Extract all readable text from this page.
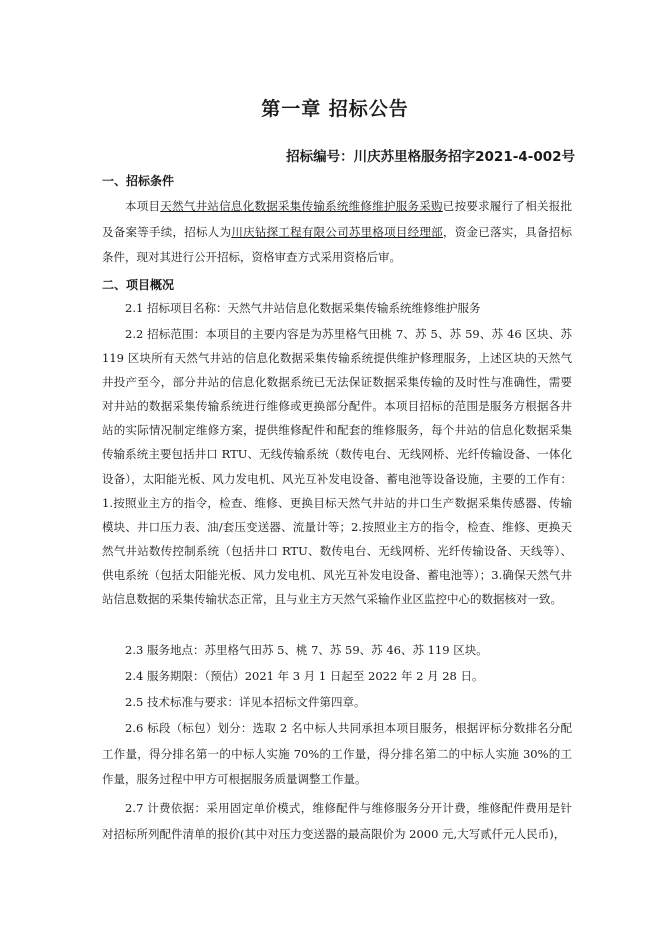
第一章 招标公告
招标编号：川庆苏里格服务招字2021-4-002号
一、招标条件
本项目天然气井站信息化数据采集传输系统维修维护服务采购已按要求履行了相关报批及备案等手续，招标人为川庆钻探工程有限公司苏里格项目经理部，资金已落实，具备招标条件，现对其进行公开招标，资格审查方式采用资格后审。
二、项目概况
2.1 招标项目名称：天然气井站信息化数据采集传输系统维修维护服务
2.2 招标范围：本项目的主要内容是为苏里格气田桃 7、苏 5、苏 59、苏 46 区块、苏 119 区块所有天然气井站的信息化数据采集传输系统提供维护修理服务，上述区块的天然气井投产至今，部分井站的信息化数据系统已无法保证数据采集传输的及时性与准确性，需要对井站的数据采集传输系统进行维修或更换部分配件。本项目招标的范围是服务方根据各井站的实际情况制定维修方案，提供维修配件和配套的维修服务，每个井站的信息化数据采集传输系统主要包括井口 RTU、无线传输系统（数传电台、无线网桥、光纤传输设备、一体化设备），太阳能光板、风力发电机、风光互补发电设备、蓄电池等设备设施，主要的工作有：1.按照业主方的指令，检查、维修、更换目标天然气井站的井口生产数据采集传感器、传输模块、井口压力表、油/套压变送器、流量计等；2.按照业主方的指令，检查、维修、更换天然气井站数传控制系统（包括井口 RTU、数传电台、无线网桥、光纤传输设备、天线等）、供电系统（包括太阳能光板、风力发电机、风光互补发电设备、蓄电池等）；3.确保天然气井站信息数据的采集传输状态正常，且与业主方天然气采输作业区监控中心的数据核对一致。
2.3 服务地点：苏里格气田苏 5、桃 7、苏 59、苏 46、苏 119 区块。
2.4 服务期限：（预估）2021 年 3 月 1 日起至 2022 年 2 月 28 日。
2.5 技术标准与要求：详见本招标文件第四章。
2.6 标段（标包）划分：选取 2 名中标人共同承担本项目服务，根据评标分数排名分配工作量，得分排名第一的中标人实施 70%的工作量，得分排名第二的中标人实施 30%的工作量，服务过程中甲方可根据服务质量调整工作量。
2.7 计费依据：采用固定单价模式，维修配件与维修服务分开计费，维修配件费用是针对招标所列配件清单的报价(其中对压力变送器的最高限价为 2000 元,大写贰仟元人民币)，
